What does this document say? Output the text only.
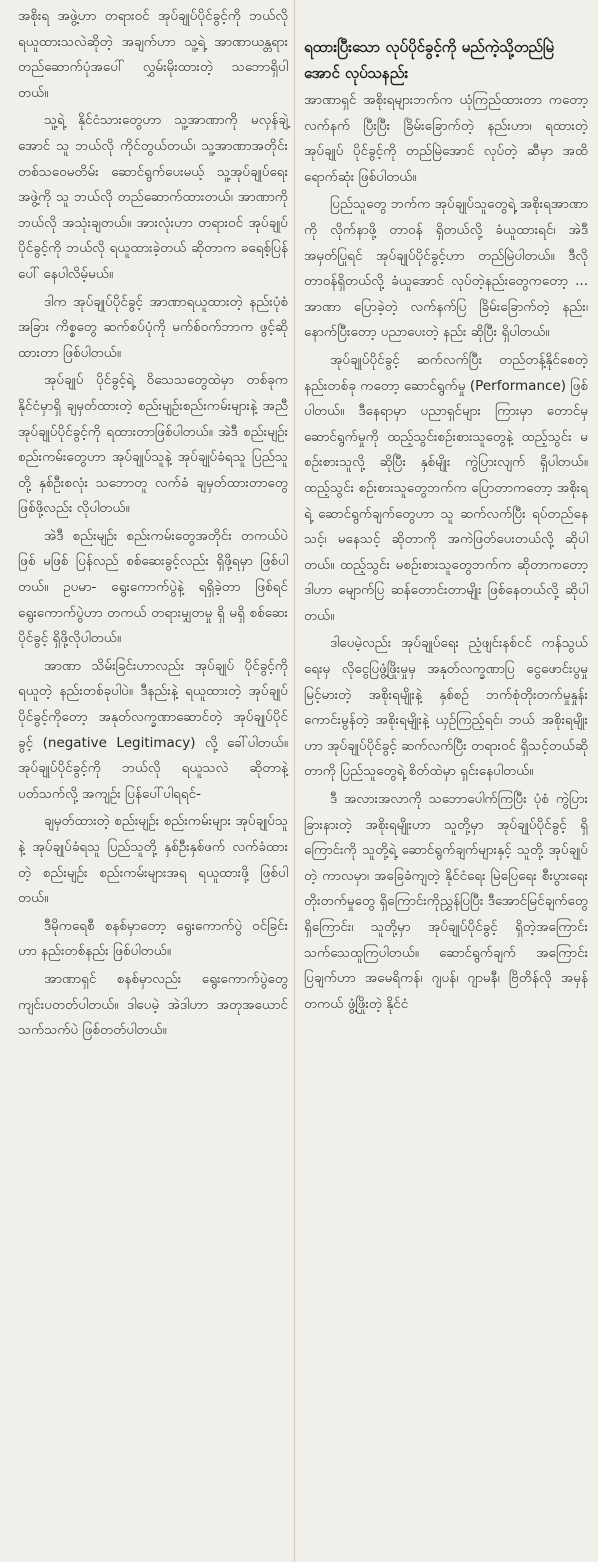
အစိုးရ အဖွဲ့ဟာ တရားဝင် အုပ်ချုပ်ပိုင်ခွင့်ကို ဘယ်လို ရယူထားသလဲဆိုတဲ့ အချက်ဟာ သူ့ရဲ့ အာဏာယန္တရား တည်ဆောက်ပုံအပေါ် လွှမ်းမိုးထားတဲ့ သဘောရှိပါတယ်။

သူ့ရဲ့ နိုင်ငံသားတွေဟာ သူ့အာဏာကို မလှန်ချဲ့အောင် သူ ဘယ်လို ကိုင်တွယ်တယ်၊ သူ့အာဏာအတိုင်း တစ်သဝေမတိမ်း ဆောင်ရွက်ပေးမယ့် သူ့အုပ်ချုပ်ရေးအဖွဲ့ကို သူ ဘယ်လို တည်ဆောက်ထားတယ်၊ အာဏာကို ဘယ်လို အသုံးချတယ်။ အားလုံးဟာ တရားဝင် အုပ်ချုပ်ပိုင်ခွင့်ကို ဘယ်လို ရယူထားခဲ့တယ် ဆိုတာက ခရေစ့်ပြန်ပေါ် နေပါလိမ့်မယ်။

ဒါက အုပ်ချုပ်ပိုင်ခွင့် အာဏာရယူထားတဲ့ နည်းပုံစံအခြား ကိစ္စတွေ ဆက်စပ်ပုံကို မက်စ်ဝက်ဘာက ဖွင့်ဆိုထားတာ ဖြစ်ပါတယ်။

အုပ်ချုပ် ပိုင်ခွင့်ရဲ့ ဝိသေသတွေထဲမှာ တစ်ခုက နိုင်ငံမှာရှိ ချမှတ်ထားတဲ့ စည်းမျဉ်းစည်းကမ်းများနဲ့ အညီ အုပ်ချုပ်ပိုင်ခွင့်ကို ရထားတာဖြစ်ပါတယ်။ အဲဒီ စည်းမျဉ်း စည်းကမ်းတွေဟာ အုပ်ချုပ်သူနဲ့ အုပ်ချုပ်ခံရသူ ပြည်သူတို့ နှစ်ဦးစလုံး သဘောတူ လက်ခံ ချမှတ်ထားတာတွေ ဖြစ်ဖို့လည်း လိုပါတယ်။

အဲဒီ စည်းမျဉ်း စည်းကမ်းတွေအတိုင်း တကယ်ပဲ ဖြစ် မဖြစ် ပြန်လည် စစ်ဆေးခွင့်လည်း ရှိဖို့ရမှာ ဖြစ်ပါတယ်။ ဥပမာ- ရွေးကောက်ပွဲနဲ့ ရရှိခဲ့တာ ဖြစ်ရင် ရွေးကောက်ပွဲဟာ တကယ် တရားမျှတမှု ရှိ မရှိ စစ်ဆေးပိုင်ခွင့် ရှိဖို့လိုပါတယ်။

အာဏာ သိမ်းခြင်းဟာလည်း အုပ်ချုပ် ပိုင်ခွင့်ကို ရယူတဲ့ နည်းတစ်ခုပါပဲ။ ဒီနည်းနဲ့ ရယူထားတဲ့ အုပ်ချုပ်ပိုင်ခွင့်ကိုတော့ အနုတ်လက္ခဏာဆောင်တဲ့ အုပ်ချုပ်ပိုင်ခွင့် (negative Legitimacy) လို့ ခေါ်ပါတယ်။ အုပ်ချုပ်ပိုင်ခွင့်ကို ဘယ်လို ရယူသလဲ ဆိုတာနဲ့ ပတ်သက်လို့ အကျဉ်း ပြန်ပေါ်ပါရရင်-

ချမှတ်ထားတဲ့ စည်းမျဉ်း စည်းကမ်းများ အုပ်ချုပ်သူနဲ့ အုပ်ချုပ်ခံရသူ ပြည်သူတို့ နှစ်ဦးနှစ်ဖက် လက်ခံထားတဲ့ စည်းမျဉ်း စည်းကမ်းများအရ ရယူထားဖို့ ဖြစ်ပါတယ်။

ဒီမိုကရေစီ စနစ်မှာတော့ ရွေးကောက်ပွဲ ဝင်ခြင်းဟာ နည်းတစ်နည်း ဖြစ်ပါတယ်။

အာဏာရှင် စနစ်မှာလည်း ရွေးကောက်ပွဲတွေ ကျင်းပတတ်ပါတယ်။ ဒါပေမဲ့ အဲဒါဟာ အတုအယောင် သက်သက်ပဲ ဖြစ်တတ်ပါတယ်။

ရထားပြီးသော လုပ်ပိုင်ခွင့်ကို မည်ကဲ့သို့တည်မြဲအောင် လုပ်သနည်း

အာဏာရှင် အစိုးရများဘက်က ယုံကြည်ထားတာ ကတော့ လက်နက် ပြီးပြီး ခြိမ်းခြောက်တဲ့ နည်းဟာ၊ ရထားတဲ့ အုပ်ချုပ် ပိုင်ခွင့်ကို တည်မြဲအောင် လုပ်တဲ့ ဆီမှာ အထိရောက်ဆုံး ဖြစ်ပါတယ်။

ပြည်သူတွေ ဘက်က အုပ်ချုပ်သူတွေရဲ့ အစိုးရအာဏာကို လိုက်နာဖို့ တာဝန် ရှိတယ်လို့ ခံယူထားရင်၊ အဲဒီ အမှတ်ပြုရင် အုပ်ချုပ်ပိုင်ခွင့်ဟာ တည်မြဲပါတယ်။ ဒီလို တာဝန်ရှိတယ်လို့ ခံယူအောင် လုပ်တဲ့နည်းတွေကတော့ ... အာဏာ ပြောခဲ့တဲ့ လက်နက်ပြ ခြိမ်းခြောက်တဲ့ နည်း၊ နောက်ပြီးတော့ ပညာပေးတဲ့ နည်း ဆိုပြီး ရှိပါတယ်။

အုပ်ချုပ်ပိုင်ခွင့် ဆက်လက်ပြီး တည်တန့်နိုင်စေတဲ့ နည်းတစ်ခု ကတော့ ဆောင်ရွက်မှု (Performance) ဖြစ်ပါတယ်။ ဒီနေရာမှာ ပညာရှင်များ ကြားမှာ တောင်မှ ဆောင်ရွက်မှုကို ထည့်သွင်းစဉ်းစားသူတွေနဲ့ ထည့်သွင်း မစဉ်းစားသူလို့ ဆိုပြီး နှစ်မျိုး ကွဲပြားလျက် ရှိပါတယ်။ ထည့်သွင်း စဉ်းစားသူတွေဘက်က ပြောတာကတော့ အစိုးရရဲ့ ဆောင်ရွက်ချက်တွေဟာ သူ ဆက်လက်ပြီး ရပ်တည်နေသင့်၊ မနေသင့် ဆိုတာကို အကဲဖြတ်ပေးတယ်လို့ ဆိုပါတယ်။ ထည့်သွင်း မစဉ်းစားသူတွေဘက်က ဆိုတာကတော့ ဒါဟာ မျောက်ပြ ဆန်တောင်းတာမျိုး ဖြစ်နေတယ်လို့ ဆိုပါတယ်။

ဒါပေမဲ့လည်း အုပ်ချုပ်ရေး ညံ့ဖျင်းနစ်ငင် ကန်သွယ်ရေးမှ လိုငွေပြဖွံ့ဖြိုးမှုမှ အနုတ်လက္ခဏာပြ ငွေဖောင်းပွမှု မြင့်မားတဲ့ အစိုးရမျိုးနဲ့ နှစ်စဉ် ဘက်စုံတိုးတက်မှုနှုန်း ကောင်းမွန်တဲ့ အစိုးရမျိုးနဲ့ ယှဉ်ကြည့်ရင်၊ ဘယ် အစိုးရမျိုးဟာ အုပ်ချုပ်ပိုင်ခွင့် ဆက်လက်ပြီး တရားဝင် ရှိသင့်တယ်ဆိုတာကို ပြည်သူတွေရဲ့ စိတ်ထဲမှာ ရှင်းနေပါတယ်။

ဒီ အလားအလာကို သဘောပေါက်ကြပြီး ပုံစံ ကွဲပြားခြားနားတဲ့ အစိုးရမျိုးဟာ သူတို့မှာ အုပ်ချုပ်ပိုင်ခွင့် ရှိကြောင်းကို သူတို့ရဲ့ ဆောင်ရွက်ချက်များနှင့် သူတို့ အုပ်ချုပ်တဲ့ ကာလမှာ၊ အခြေခံကျတဲ့ နိုင်ငံရေး မြဲပြေရေး စီးပွားရေး တိုးတက်မှုတွေ ရှိကြောင်းကိုညွှန်ပြပြီး ဒီအောင်မြင်ချက်တွေ ရှိကြောင်း၊ သူတို့မှာ အုပ်ချုပ်ပိုင်ခွင့် ရှိတဲ့အကြောင်း သက်သေထူကြပါတယ်။ ဆောင်ရွက်ချက် အကြောင်း ပြချက်ဟာ အမေရိကန်၊ ဂျပန်၊ ဂျာမနီ၊ ဗြိတိန်လို အမှန်တကယ် ဖွံ့ဖြိုးတဲ့ နိုင်ငံ
